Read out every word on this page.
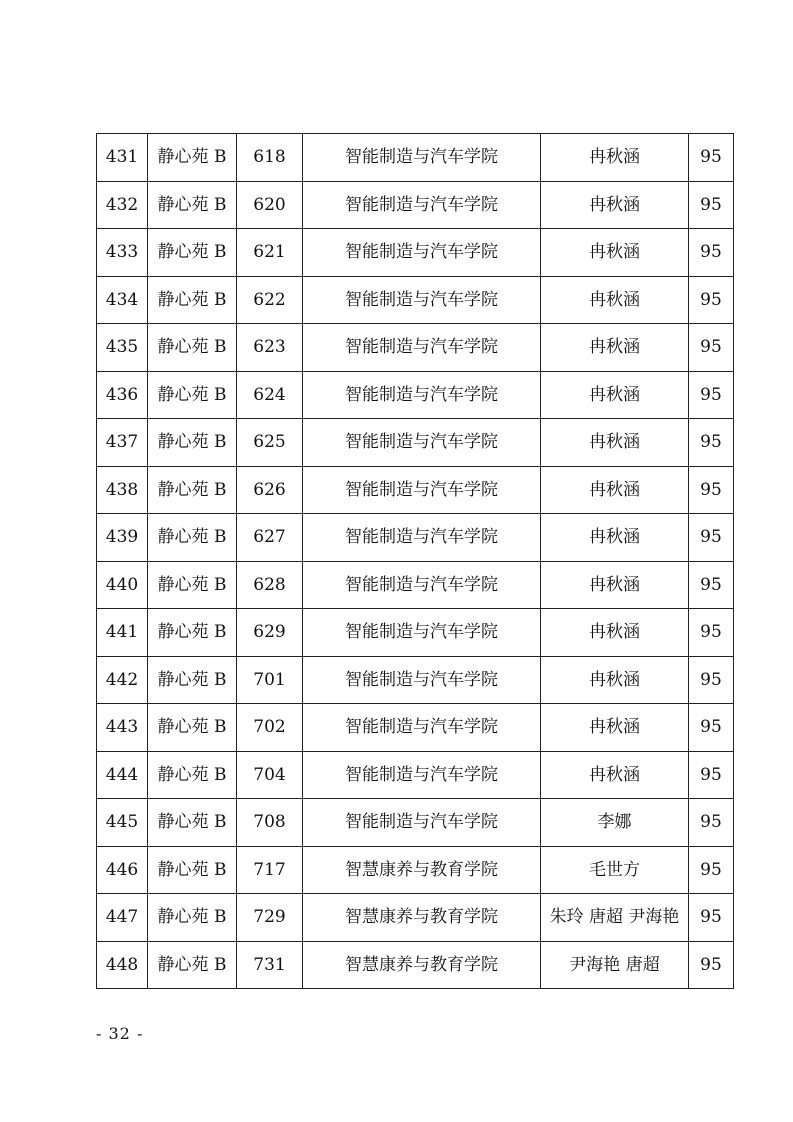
431	静心苑 B	618	智能制造与汽车学院	冉秋涵	95
432	静心苑 B	620	智能制造与汽车学院	冉秋涵	95
433	静心苑 B	621	智能制造与汽车学院	冉秋涵	95
434	静心苑 B	622	智能制造与汽车学院	冉秋涵	95
435	静心苑 B	623	智能制造与汽车学院	冉秋涵	95
436	静心苑 B	624	智能制造与汽车学院	冉秋涵	95
437	静心苑 B	625	智能制造与汽车学院	冉秋涵	95
438	静心苑 B	626	智能制造与汽车学院	冉秋涵	95
439	静心苑 B	627	智能制造与汽车学院	冉秋涵	95
440	静心苑 B	628	智能制造与汽车学院	冉秋涵	95
441	静心苑 B	629	智能制造与汽车学院	冉秋涵	95
442	静心苑 B	701	智能制造与汽车学院	冉秋涵	95
443	静心苑 B	702	智能制造与汽车学院	冉秋涵	95
444	静心苑 B	704	智能制造与汽车学院	冉秋涵	95
445	静心苑 B	708	智能制造与汽车学院	李娜	95
446	静心苑 B	717	智慧康养与教育学院	毛世方	95
447	静心苑 B	729	智慧康养与教育学院	朱玲 唐超 尹海艳	95
448	静心苑 B	731	智慧康养与教育学院	尹海艳 唐超	95
- 32 -
